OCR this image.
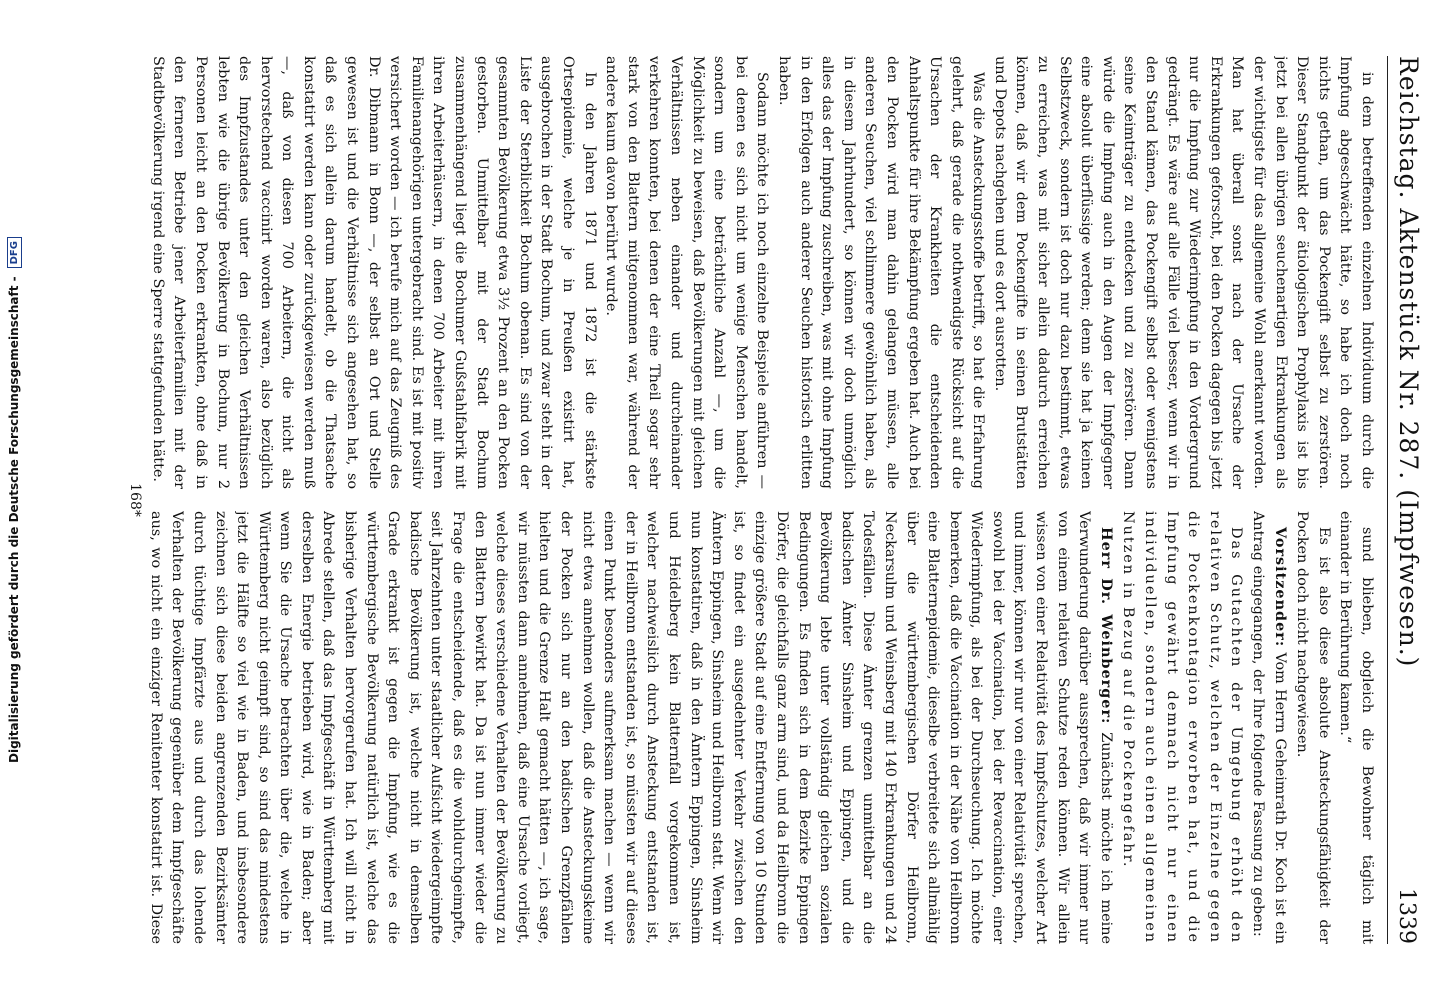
Digitalisierung gefördert durch die Deutsche Forschungsgemeinschaft -
DFG	Reichstag. Aktenstück Nr. 287. (Impfwesen.)
1339

in dem betreffenden einzelnen Individuum durch die Impfung abgeschwächt hätte, so habe ich doch noch nichts gethan, um das Pockengift selbst zu zerstören. Dieser Standpunkt der ätiologischen Prophylaxis ist bis jetzt bei allen übrigen seuchenartigen Erkrankungen als der wichtigste für das allgemeine Wohl anerkannt worden. Man hat überall sonst nach der Ursache der Erkrankungen geforscht, bei den Pocken dagegen bis jetzt nur die Impfung zur Wiederimpfung in den Vordergrund gedrängt. Es wäre auf alle Fälle viel besser, wenn wir in den Stand kämen, das Pockengift selbst oder wenigstens seine Keimträger zu entdecken und zu zerstören. Dann würde die Impfung auch in den Augen der Impfgegner eine absolut überflüssige werden; denn sie hat ja keinen Selbstzweck, sondern ist doch nur dazu bestimmt, etwas zu erreichen, was mit sicher allein dadurch erreichen können, daß wir dem Pockengifte in seinen Brutstätten und Depots nachgehen und es dort ausrotten.

Was die Ansteckungsstoffe betrifft, so hat die Erfahrung gelehrt, daß gerade die nothwendigste Rücksicht auf die Ursachen der Krankheiten die entscheidenden Anhaltspunkte für ihre Bekämpfung ergeben hat. Auch bei den Pocken wird man dahin gelangen müssen, alle anderen Seuchen, viel schlimmere gewöhnlich haben, als in diesem Jahrhundert, so können wir doch unmöglich alles das der Impfung zuschreiben, was mit ohne Impfung in den Erfolgen auch anderer Seuchen historisch erlitten haben.

Sodann möchte ich noch einzelne Beispiele anführen — bei denen es sich nicht um wenige Menschen handelt, sondern um eine beträchtliche Anzahl —, um die Möglichkeit zu beweisen, daß Bevölkerungen mit gleichen Verhältnissen neben einander und durcheinander verkehren konnten, bei denen der eine Theil sogar sehr stark von den Blattern mitgenommen war, während der andere kaum davon berührt wurde.

In den Jahren 1871 und 1872 ist die stärkste Ortsepidemie, welche je in Preußen existirt hat, ausgebrochen in der Stadt Bochum, und zwar steht in der Liste der Sterblichkeit Bochum obenan. Es sind von der gesammten Bevölkerung etwa 3½ Prozent an den Pocken gestorben. Unmittelbar mit der Stadt Bochum zusammenhängend liegt die Bochumer Gußstahlfabrik mit ihren Arbeiterhäusern, in denen 700 Arbeiter mit ihren Familienangehörigen untergebracht sind. Es ist mit positiv versichert worden — ich berufe mich auf das Zeugniß des Dr. Dibmann in Bonn —, der selbst an Ort und Stelle gewesen ist und die Verhältnisse sich angesehen hat, so daß es sich allein darum handelt, ob die Thatsache konstatirt werden kann oder zurückgewiesen werden muß —, daß von diesen 700 Arbeitern, die nicht als hervorstechend vaccinirt worden waren, also bezüglich des Impfzustandes unter den gleichen Verhältnissen lebten wie die übrige Bevölkerung in Bochum, nur 2 Personen leicht an den Pocken erkrankten, ohne daß in den ferneren Betriebe jener Arbeiterfamilien mit der Stadtbevölkerung irgend eine Sperre stattgefunden hätte.

sund blieben, obgleich die Bewohner täglich mit einander in Berührung kamen.“

Es ist also diese absolute Ansteckungsfähigkeit der Pocken doch nicht nachgewiesen.

Vorsitzender: Vom Herrn Geheimrath Dr. Koch ist ein Antrag eingegangen, der Ihre folgende Fassung zu geben:

Das Gutachten der Umgebung erhöht den relativen Schutz, welchen der Einzelne gegen die Pockenkontagion erworben hat, und die Impfung gewährt demnach nicht nur einen individuellen, sondern auch einen allgemeinen Nutzen in Bezug auf die Pockengefahr.

Herr Dr. Weinberger: Zunächst möchte ich meine Verwunderung darüber aussprechen, daß wir immer nur von einem relativen Schutze reden können. Wir allein wissen von einer Relativität des Impfschutzes, welcher Art und immer, können wir nur von einer Relativität sprechen, sowohl bei der Vaccination, bei der Revaccination, einer Wiederimpfung, als bei der Durchseuchung. Ich möchte bemerken, daß die Vaccination in der Nähe von Heilbronn eine Blatternepidemie, dieselbe verbreitete sich allmählig über die württembergischen Dörfer Heilbronn, Neckarsulm und Weinsberg mit 140 Erkrankungen und 24 Todesfällen. Diese Ämter grenzen unmittelbar an die badischen Ämter Sinsheim und Eppingen, und die Bevölkerung lebte unter vollständig gleichen sozialen Bedingungen. Es finden sich in dem Bezirke Eppingen Dörfer, die gleichfalls ganz arm sind, und da Heilbronn die einzige größere Stadt auf eine Entfernung von 10 Stunden ist, so findet ein ausgedehnter Verkehr zwischen den Ämtern Eppingen, Sinsheim und Heilbronn statt. Wenn wir nun konstatiren, daß in den Ämtern Eppingen, Sinsheim und Heidelberg kein Blatternfall vorgekommen ist, welcher nachweislich durch Ansteckung entstanden ist, der in Heilbronn entstanden ist, so müssten wir auf dieses einen Punkt besonders aufmerksam machen — wenn wir nicht etwa annehmen wollen, daß die Ansteckungskeime der Pocken sich nur an den badischen Grenzpfählen hielten und die Grenze Halt gemacht hätten —, ich sage, wir müssten dann annehmen, daß eine Ursache vorliegt, welche dieses verschiedene Verhalten der Bevölkerung zu den Blattern bewirkt hat. Da ist nun immer wieder die Frage die entscheidende, daß es die wohldurchgeimpfte, seit Jahrzehnten unter staatlicher Aufsicht wiedergeimpfte badische Bevölkerung ist, welche nicht in demselben Grade erkrankt ist gegen die Impfung, wie es die württembergische Bevölkerung natürlich ist, welche das bisherige Verhalten hervorgerufen hat. Ich will nicht in Abrede stellen, daß das Impfgeschäft in Württemberg mit derselben Energie betrieben wird, wie in Baden; aber wenn Sie die Ursache betrachten über die, welche in Württemberg nicht geimpft sind, so sind das mindestens jetzt die Hälfte so viel wie in Baden, und insbesondere zeichnen sich diese beiden angrenzenden Bezirksämter durch tüchtige Impfärzte aus und durch das lohende Verhalten der Bevölkerung gegenüber dem Impfgeschäfte aus, wo nicht ein einziger Renitenter konstatirt ist. Diese

168*
